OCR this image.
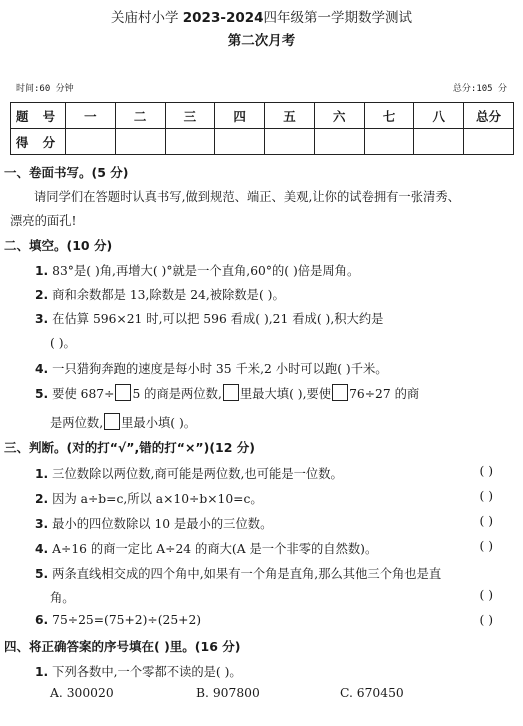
关庙村小学 2023-2024四年级第一学期数学测试
第二次月考
时间:60 分钟	总分:105 分
题 号	一	二	三	四	五	六	七	八	总分
得 分									
一、卷面书写。(5 分)
请同学们在答题时认真书写,做到规范、端正、美观,让你的试卷拥有一张清秀、
漂亮的面孔!
二、填空。(10 分)
1. 83°是( )角,再增大( )°就是一个直角,60°的( )倍是周角。
2. 商和余数都是 13,除数是 24,被除数是( )。
3. 在估算 596×21 时,可以把 596 看成( ),21 看成( ),积大约是
( )。
4. 一只猎狗奔跑的速度是每小时 35 千米,2 小时可以跑( )千米。
5. 要使 687÷ 5 的商是两位数, 里最大填( ),要使 76÷27 的商
是两位数, 里最小填( )。
三、判断。(对的打“√”,错的打“×”)(12 分)
1. 三位数除以两位数,商可能是两位数,也可能是一位数。	( )
2. 因为 a÷b=c,所以 a×10÷b×10=c。	( )
3. 最小的四位数除以 10 是最小的三位数。	( )
4. A÷16 的商一定比 A÷24 的商大(A 是一个非零的自然数)。	( )
5. 两条直线相交成的四个角中,如果有一个角是直角,那么其他三个角也是直
角。	( )
6. 75÷25=(75+2)÷(25+2)	( )
四、将正确答案的序号填在( )里。(16 分)
1. 下列各数中,一个零都不读的是( )。
A. 300020	B. 907800	C. 670450
